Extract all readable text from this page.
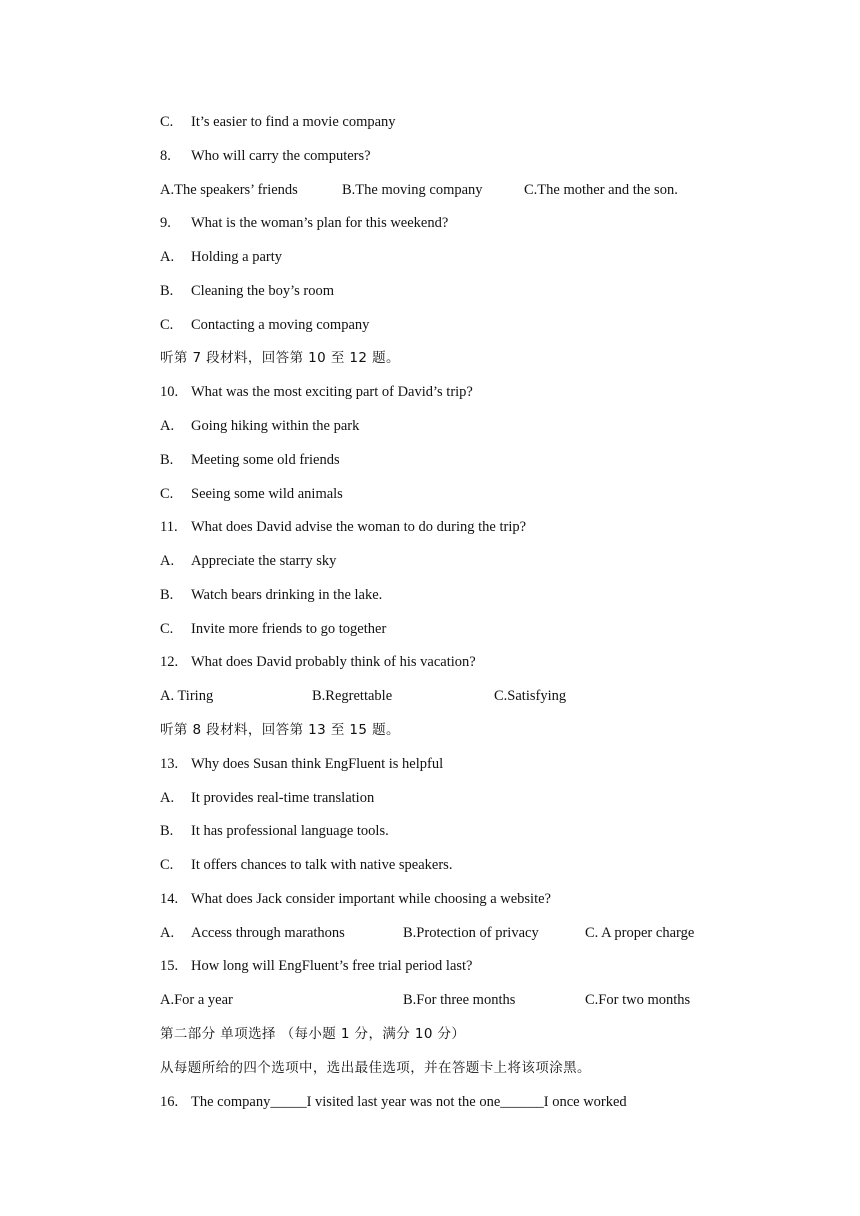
C. It’s easier to find a movie company
8. Who will carry the computers?
A.The speakers’ friends	B.The moving company	C.The mother and the son.
9. What is the woman’s plan for this weekend?
A. Holding a party
B. Cleaning the boy’s room
C. Contacting a moving company
听第 7 段材料，回答第 10 至 12 题。
10. What was the most exciting part of David’s trip?
A. Going hiking within the park
B. Meeting some old friends
C. Seeing some wild animals
11. What does David advise the woman to do during the trip?
A. Appreciate the starry sky
B. Watch bears drinking in the lake.
C. Invite more friends to go together
12. What does David probably think of his vacation?
A. Tiring	B.Regrettable	C.Satisfying
听第 8 段材料，回答第 13 至 15 题。
13. Why does Susan think EngFluent is helpful
A. It provides real-time translation
B. It has professional language tools.
C. It offers chances to talk with native speakers.
14. What does Jack consider important while choosing a website?
A. Access through marathons	B.Protection of privacy	C. A proper charge
15. How long will EngFluent’s free trial period last?
A.For a year	B.For three months	C.For two months
第二部分 单项选择 （每小题 1 分，满分 10 分）
从每题所给的四个选项中，选出最佳选项，并在答题卡上将该项涂黑。
16. The company_____I visited last year was not the one______I once worked
